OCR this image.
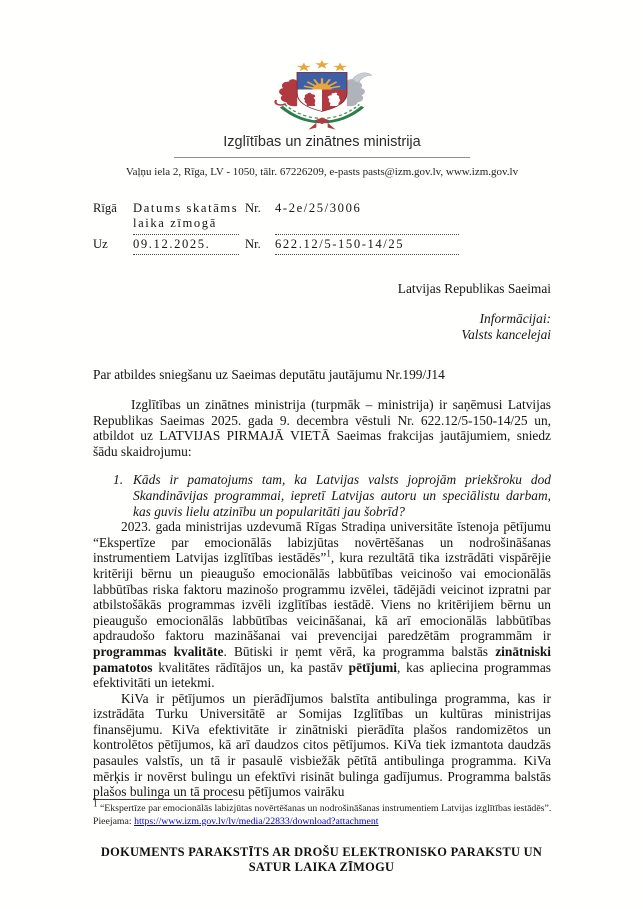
Izglītības un zinātnes ministrija
Vaļņu iela 2, Rīga, LV - 1050, tālr. 67226209, e-pasts pasts@izm.gov.lv, www.izm.gov.lv
Rīgā	Datums skatāms
laika zīmogā
Nr.	4-2e/25/3006
Uz	09.12.2025.	Nr.	622.12/5-150-14/25
Latvijas Republikas Saeimai
Informācijai:
Valsts kancelejai
Par atbildes sniegšanu uz Saeimas deputātu jautājumu Nr.199/J14

Izglītības un zinātnes ministrija (turpmāk – ministrija) ir saņēmusi Latvijas Republikas Saeimas 2025. gada 9. decembra vēstuli Nr. 622.12/5-150-14/25 un, atbildot uz LATVIJAS PIRMAJĀ VIETĀ Saeimas frakcijas jautājumiem, sniedz šādu skaidrojumu:

1. Kāds ir pamatojums tam, ka Latvijas valsts joprojām priekšroku dod Skandināvijas programmai, iepretī Latvijas autoru un speciālistu darbam, kas guvis lielu atzinību un popularitāti jau šobrīd?

2023. gada ministrijas uzdevumā Rīgas Stradiņa universitāte īstenoja pētījumu “Ekspertīze par emocionālās labizjūtas novērtēšanas un nodrošināšanas instrumentiem Latvijas izglītības iestādēs”$^1$, kura rezultātā tika izstrādāti vispārējie kritēriji bērnu un pieaugušo emocionālās labbūtības veicinošo vai emocionālās labbūtības riska faktoru mazinošo programmu izvēlei, tādējādi veicinot izpratni par atbilstošākās programmas izvēli izglītības iestādē. Viens no kritērijiem bērnu un pieaugušo emocionālās labbūtības veicināšanai, kā arī emocionālās labbūtības apdraudošo faktoru mazināšanai vai prevencijai paredzētām programmām ir programmas kvalitāte. Būtiski ir ņemt vērā, ka programma balstās zinātniski pamatotos kvalitātes rādītājos un, ka pastāv pētījumi, kas apliecina programmas efektivitāti un ietekmi.

KiVa ir pētījumos un pierādījumos balstīta antibulinga programma, kas ir izstrādāta Turku Universitātē ar Somijas Izglītības un kultūras ministrijas finansējumu. KiVa efektivitāte ir zinātniski pierādīta plašos randomizētos un kontrolētos pētījumos, kā arī daudzos citos pētījumos. KiVa tiek izmantota daudzās pasaules valstīs, un tā ir pasaulē visbiežāk pētītā antibulinga programma. KiVa mērķis ir novērst bulingu un efektīvi risināt bulinga gadījumus. Programma balstās plašos bulinga un tā procesu pētījumos vairāku

$^1$ “Ekspertīze par emocionālās labizjūtas novērtēšanas un nodrošināšanas instrumentiem Latvijas izglītības iestādēs”.
Pieejama: https://www.izm.gov.lv/lv/media/22833/download?attachment
DOKUMENTS PARAKSTĪTS AR DROŠU ELEKTRONISKO PARAKSTU UN
SATUR LAIKA ZĪMOGU
